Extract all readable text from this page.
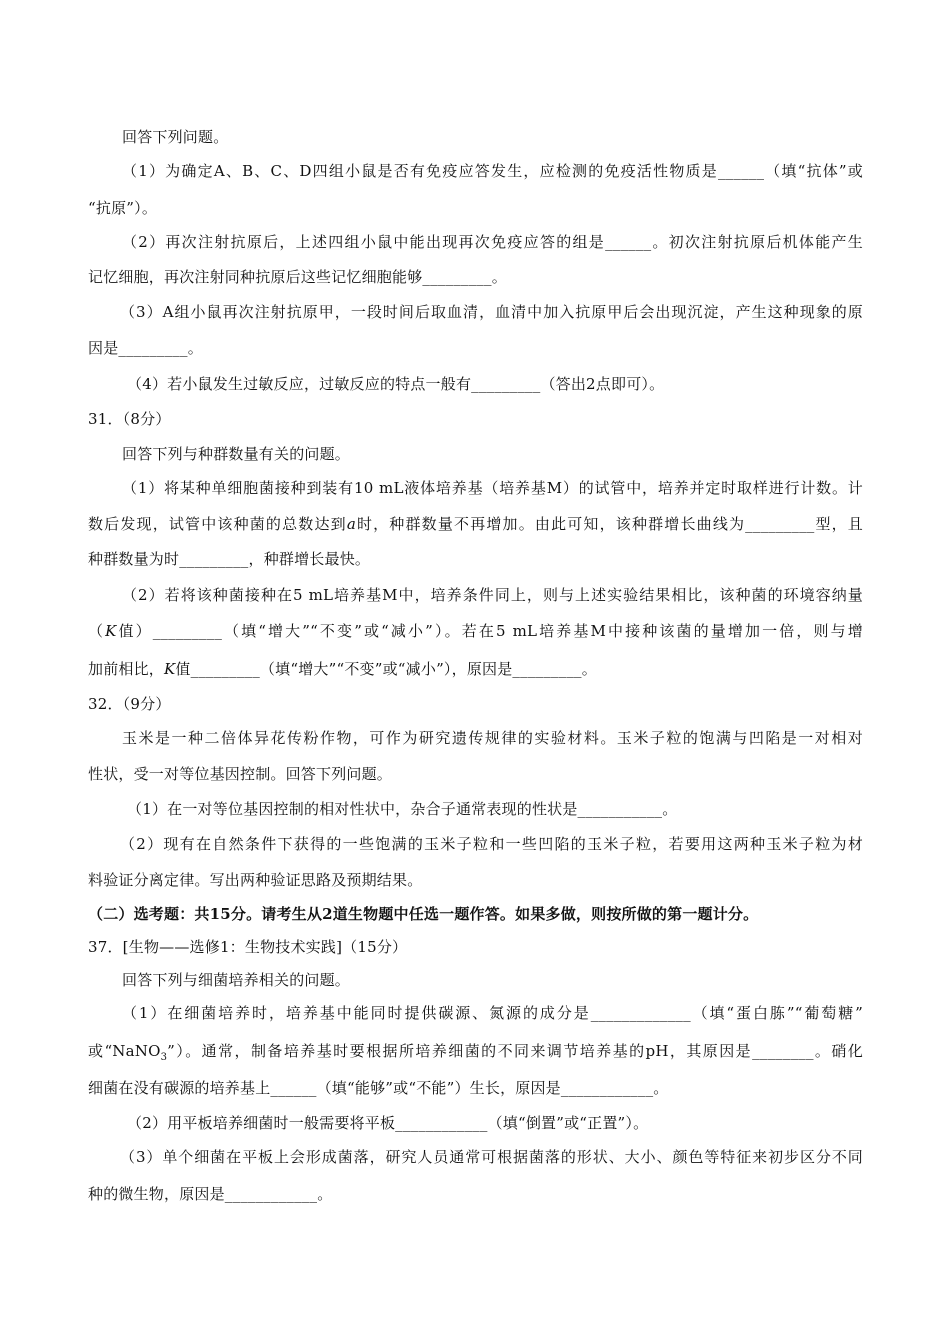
回答下列问题。
（1）为确定A、B、C、D四组小鼠是否有免疫应答发生，应检测的免疫活性物质是______（填“抗体”或
“抗原”）。
（2）再次注射抗原后，上述四组小鼠中能出现再次免疫应答的组是______。初次注射抗原后机体能产生
记忆细胞，再次注射同种抗原后这些记忆细胞能够_________。
（3）A组小鼠再次注射抗原甲，一段时间后取血清，血清中加入抗原甲后会出现沉淀，产生这种现象的原
因是_________。
（4）若小鼠发生过敏反应，过敏反应的特点一般有_________（答出2点即可）。
31．（8分）
回答下列与种群数量有关的问题。
（1）将某种单细胞菌接种到装有10 mL液体培养基（培养基M）的试管中，培养并定时取样进行计数。计
数后发现，试管中该种菌的总数达到a时，种群数量不再增加。由此可知，该种群增长曲线为_________型，且
种群数量为时_________，种群增长最快。
（2）若将该种菌接种在5 mL培养基M中，培养条件同上，则与上述实验结果相比，该种菌的环境容纳量
（K值）_________（填“增大”“不变”或“减小”）。若在5 mL培养基M中接种该菌的量增加一倍，则与增
加前相比，K值_________（填“增大”“不变”或“减小”），原因是_________。
32．（9分）
玉米是一种二倍体异花传粉作物，可作为研究遗传规律的实验材料。玉米子粒的饱满与凹陷是一对相对
性状，受一对等位基因控制。回答下列问题。
（1）在一对等位基因控制的相对性状中，杂合子通常表现的性状是___________。
（2）现有在自然条件下获得的一些饱满的玉米子粒和一些凹陷的玉米子粒，若要用这两种玉米子粒为材
料验证分离定律。写出两种验证思路及预期结果。
（二）选考题：共15分。请考生从2道生物题中任选一题作答。如果多做，则按所做的第一题计分。
37．[生物——选修1：生物技术实践]（15分）
回答下列与细菌培养相关的问题。
（1）在细菌培养时，培养基中能同时提供碳源、氮源的成分是_____________（填“蛋白胨”“葡萄糖”
或“NaNO$_3$”）。通常，制备培养基时要根据所培养细菌的不同来调节培养基的pH，其原因是________。硝化
细菌在没有碳源的培养基上______（填“能够”或“不能”）生长，原因是____________。
（2）用平板培养细菌时一般需要将平板____________（填“倒置”或“正置”）。
（3）单个细菌在平板上会形成菌落，研究人员通常可根据菌落的形状、大小、颜色等特征来初步区分不同
种的微生物，原因是____________。
